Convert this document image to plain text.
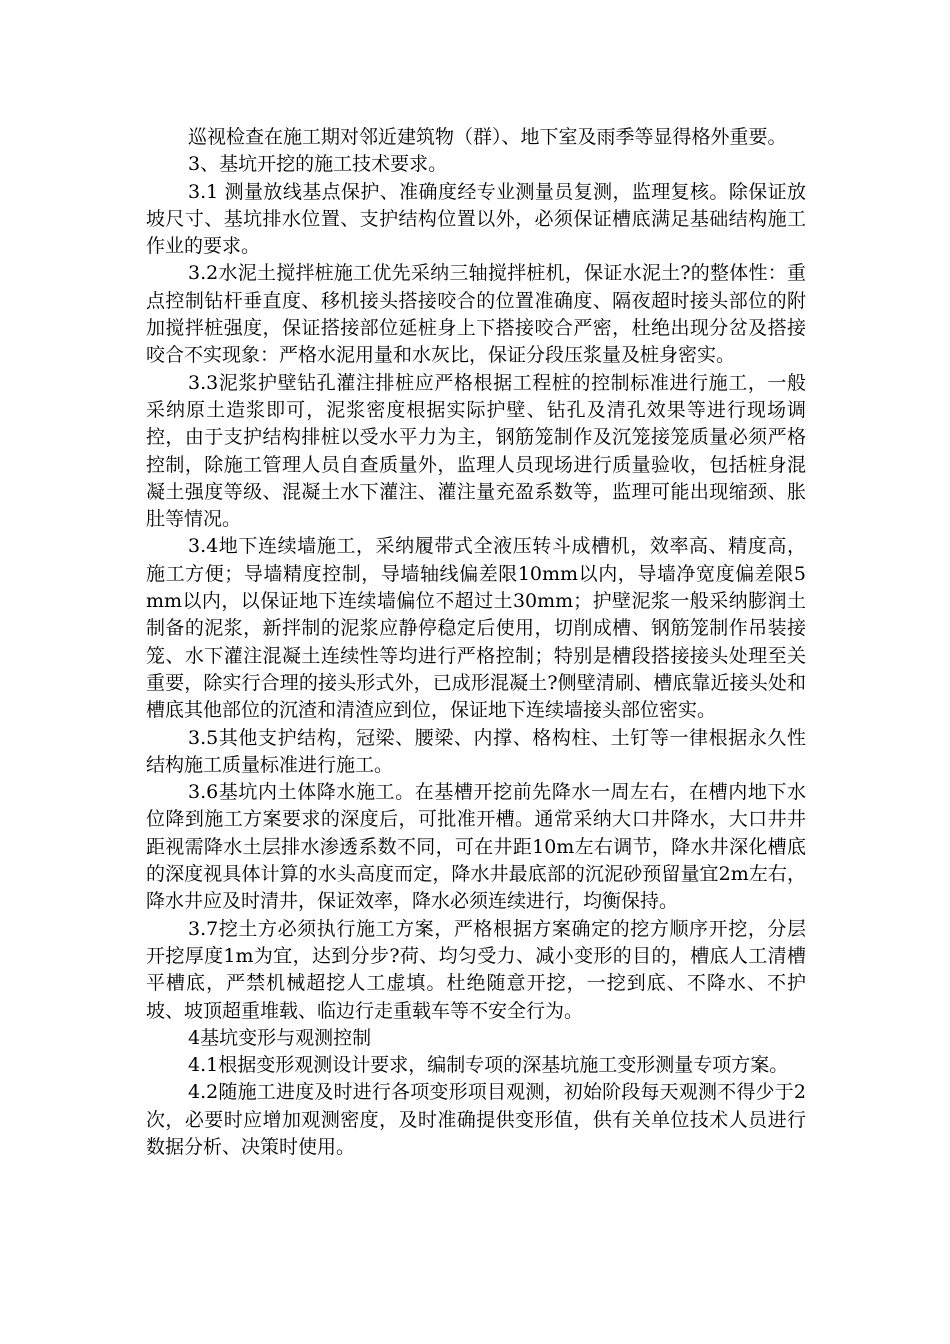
巡视检查在施工期对邻近建筑物（群）、地下室及雨季等显得格外重要。

3、基坑开挖的施工技术要求。

3.1 测量放线基点保护、准确度经专业测量员复测，监理复核。除保证放坡尺寸、基坑排水位置、支护结构位置以外，必须保证槽底满足基础结构施工作业的要求。

3.2水泥土搅拌桩施工优先采纳三轴搅拌桩机，保证水泥土?的整体性：重点控制钻杆垂直度、移机接头搭接咬合的位置准确度、隔夜超时接头部位的附加搅拌桩强度，保证搭接部位延桩身上下搭接咬合严密，杜绝出现分岔及搭接咬合不实现象：严格水泥用量和水灰比，保证分段压浆量及桩身密实。

3.3泥浆护壁钻孔灌注排桩应严格根据工程桩的控制标准进行施工，一般采纳原土造浆即可，泥浆密度根据实际护壁、钻孔及清孔效果等进行现场调控，由于支护结构排桩以受水平力为主，钢筋笼制作及沉笼接笼质量必须严格控制，除施工管理人员自查质量外，监理人员现场进行质量验收，包括桩身混凝土强度等级、混凝土水下灌注、灌注量充盈系数等，监理可能出现缩颈、胀肚等情况。

3.4地下连续墙施工，采纳履带式全液压转斗成槽机，效率高、精度高，施工方便；导墙精度控制，导墙轴线偏差限10mm以内，导墙净宽度偏差限5mm以内，以保证地下连续墙偏位不超过土30mm；护壁泥浆一般采纳膨润土制备的泥浆，新拌制的泥浆应静停稳定后使用，切削成槽、钢筋笼制作吊装接笼、水下灌注混凝土连续性等均进行严格控制；特别是槽段搭接接头处理至关重要，除实行合理的接头形式外，已成形混凝土?侧壁清刷、槽底靠近接头处和槽底其他部位的沉渣和清渣应到位，保证地下连续墙接头部位密实。

3.5其他支护结构，冠梁、腰梁、内撑、格构柱、土钉等一律根据永久性结构施工质量标准进行施工。

3.6基坑内土体降水施工。在基槽开挖前先降水一周左右，在槽内地下水位降到施工方案要求的深度后，可批准开槽。通常采纳大口井降水，大口井井距视需降水土层排水渗透系数不同，可在井距10m左右调节，降水井深化槽底的深度视具体计算的水头高度而定，降水井最底部的沉泥砂预留量宜2m左右，降水井应及时清井，保证效率，降水必须连续进行，均衡保持。

3.7挖土方必须执行施工方案，严格根据方案确定的挖方顺序开挖，分层开挖厚度1m为宜，达到分步?荷、均匀受力、减小变形的目的，槽底人工清槽平槽底，严禁机械超挖人工虚填。杜绝随意开挖，一挖到底、不降水、不护坡、坡顶超重堆载、临边行走重载车等不安全行为。

4基坑变形与观测控制

4.1根据变形观测设计要求，编制专项的深基坑施工变形测量专项方案。

4.2随施工进度及时进行各项变形项目观测，初始阶段每天观测不得少于2次，必要时应增加观测密度，及时准确提供变形值，供有关单位技术人员进行数据分析、决策时使用。
